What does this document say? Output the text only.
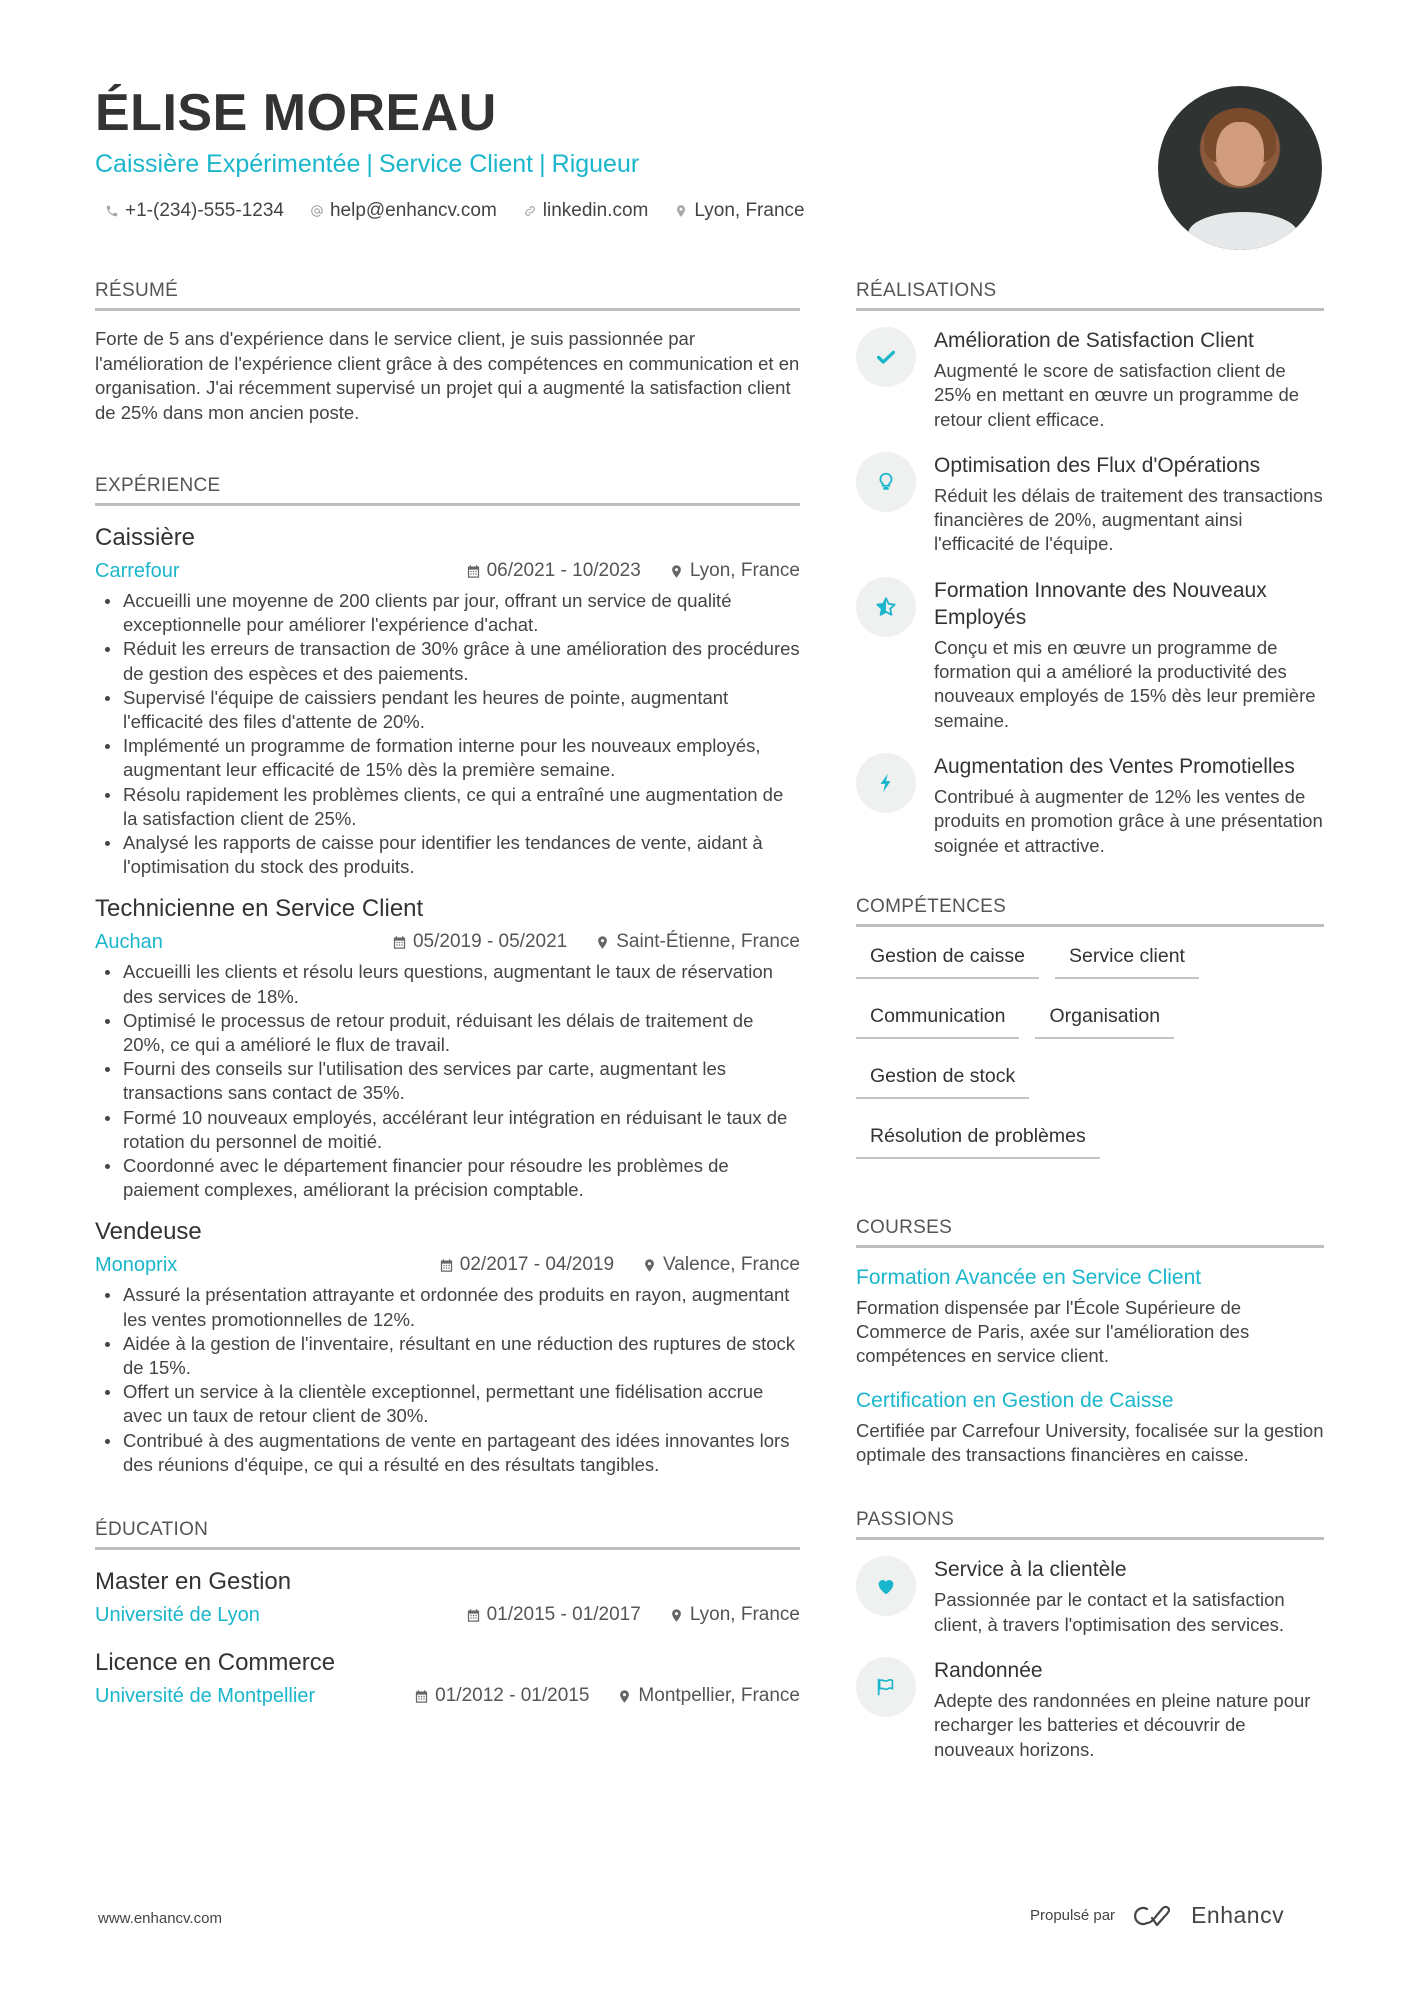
ÉLISE MOREAU
Caissière Expérimentée | Service Client | Rigueur
+1-(234)-555-1234 help@enhancv.com linkedin.com Lyon, France
RÉSUMÉ

Forte de 5 ans d'expérience dans le service client, je suis passionnée par l'amélioration de l'expérience client grâce à des compétences en communication et en organisation. J'ai récemment supervisé un projet qui a augmenté la satisfaction client de 25% dans mon ancien poste.

EXPÉRIENCE
Caissière
Carrefour	06/2021 - 10/2023	Lyon, France
Accueilli une moyenne de 200 clients par jour, offrant un service de qualité exceptionnelle pour améliorer l'expérience d'achat.
Réduit les erreurs de transaction de 30% grâce à une amélioration des procédures de gestion des espèces et des paiements.
Supervisé l'équipe de caissiers pendant les heures de pointe, augmentant l'efficacité des files d'attente de 20%.
Implémenté un programme de formation interne pour les nouveaux employés, augmentant leur efficacité de 15% dès la première semaine.
Résolu rapidement les problèmes clients, ce qui a entraîné une augmentation de la satisfaction client de 25%.
Analysé les rapports de caisse pour identifier les tendances de vente, aidant à l'optimisation du stock des produits.
Technicienne en Service Client
Auchan	05/2019 - 05/2021	Saint-Étienne, France
Accueilli les clients et résolu leurs questions, augmentant le taux de réservation des services de 18%.
Optimisé le processus de retour produit, réduisant les délais de traitement de 20%, ce qui a amélioré le flux de travail.
Fourni des conseils sur l'utilisation des services par carte, augmentant les transactions sans contact de 35%.
Formé 10 nouveaux employés, accélérant leur intégration en réduisant le taux de rotation du personnel de moitié.
Coordonné avec le département financier pour résoudre les problèmes de paiement complexes, améliorant la précision comptable.
Vendeuse
Monoprix	02/2017 - 04/2019	Valence, France
Assuré la présentation attrayante et ordonnée des produits en rayon, augmentant les ventes promotionnelles de 12%.
Aidée à la gestion de l'inventaire, résultant en une réduction des ruptures de stock de 15%.
Offert un service à la clientèle exceptionnel, permettant une fidélisation accrue avec un taux de retour client de 30%.
Contribué à des augmentations de vente en partageant des idées innovantes lors des réunions d'équipe, ce qui a résulté en des résultats tangibles.
ÉDUCATION
Master en Gestion
Université de Lyon	01/2015 - 01/2017	Lyon, France
Licence en Commerce
Université de Montpellier	01/2012 - 01/2015	Montpellier, France
RÉALISATIONS
Amélioration de Satisfaction Client
Augmenté le score de satisfaction client de 25% en mettant en œuvre un programme de retour client efficace.
Optimisation des Flux d'Opérations
Réduit les délais de traitement des transactions financières de 20%, augmentant ainsi l'efficacité de l'équipe.
Formation Innovante des Nouveaux Employés
Conçu et mis en œuvre un programme de formation qui a amélioré la productivité des nouveaux employés de 15% dès leur première semaine.
Augmentation des Ventes Promotielles
Contribué à augmenter de 12% les ventes de produits en promotion grâce à une présentation soignée et attractive.
COMPÉTENCES
Gestion de caisse	Service client
Communication	Organisation
Gestion de stock
Résolution de problèmes
COURSES
Formation Avancée en Service Client
Formation dispensée par l'École Supérieure de Commerce de Paris, axée sur l'amélioration des compétences en service client.
Certification en Gestion de Caisse
Certifiée par Carrefour University, focalisée sur la gestion optimale des transactions financières en caisse.
PASSIONS
Service à la clientèle
Passionnée par le contact et la satisfaction client, à travers l'optimisation des services.
Randonnée
Adepte des randonnées en pleine nature pour recharger les batteries et découvrir de nouveaux horizons.
www.enhancv.com	Propulsé par	Enhancv
